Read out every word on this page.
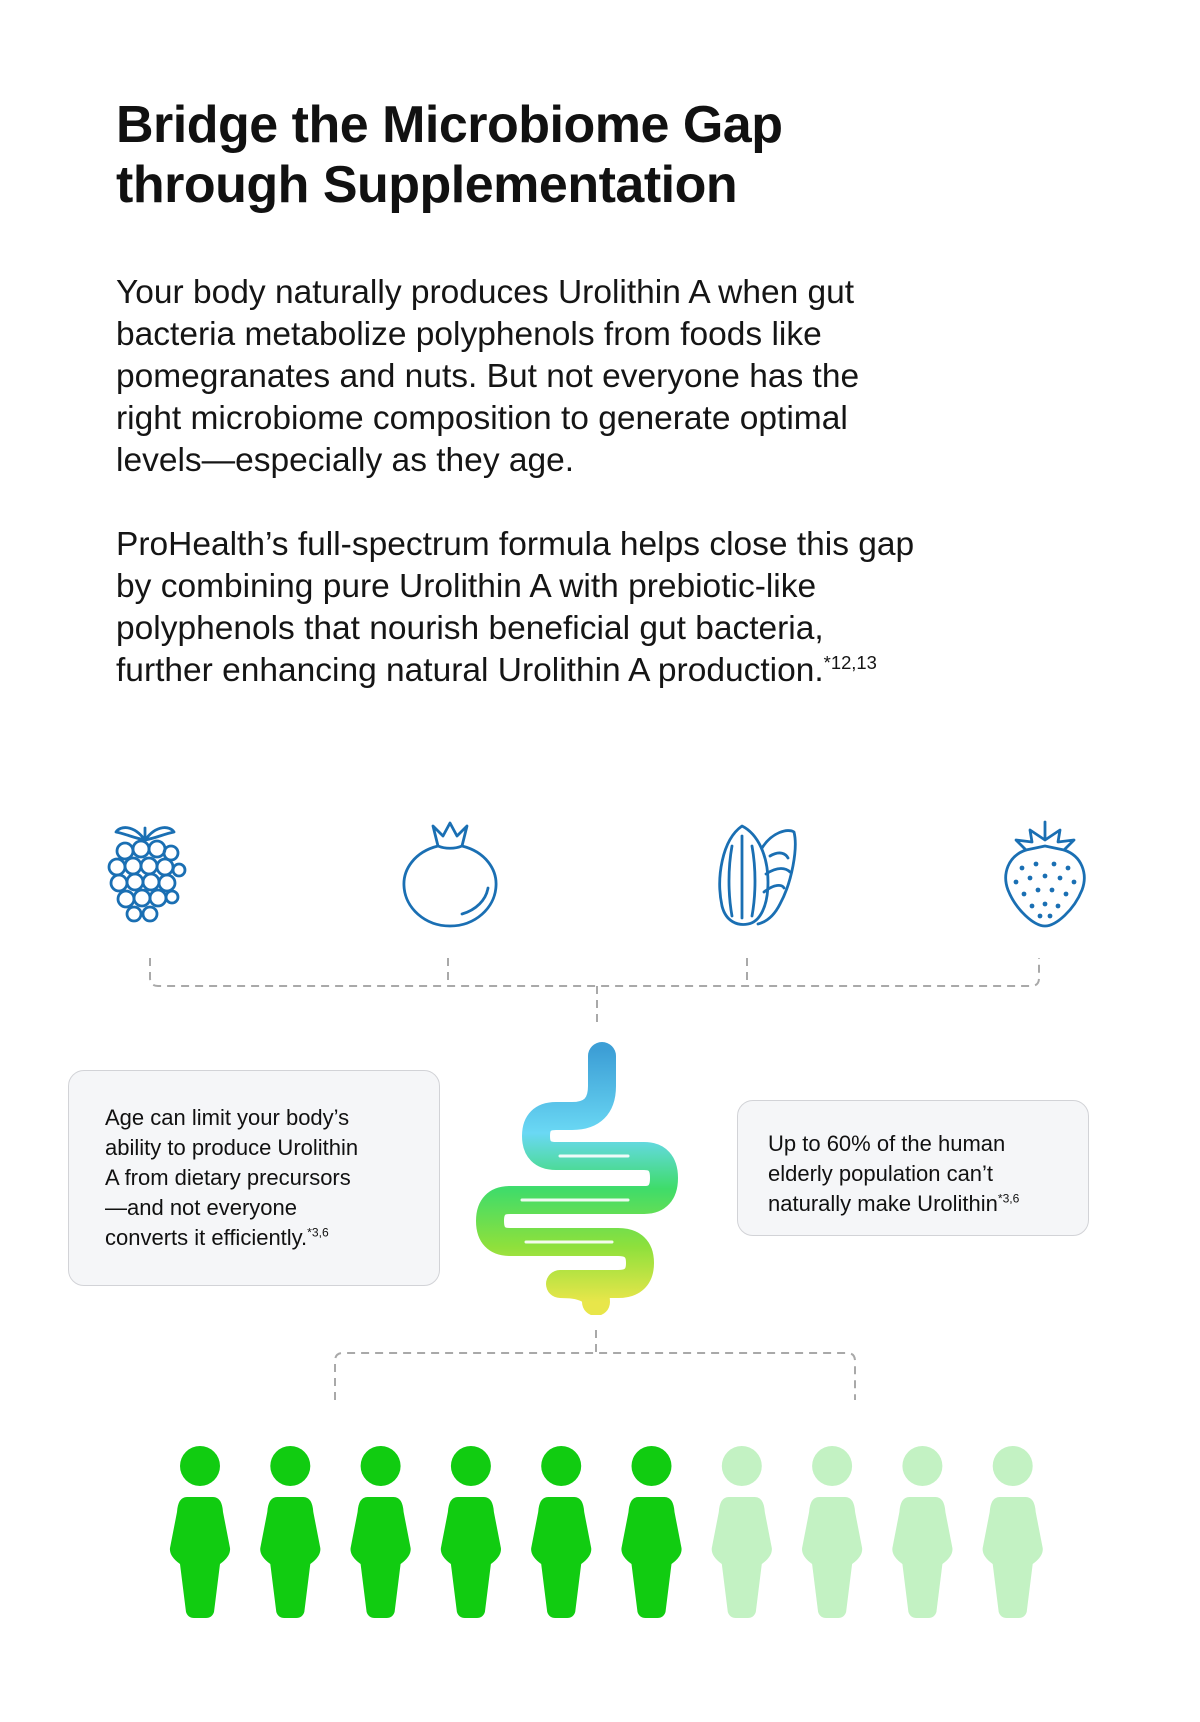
Bridge the Microbiome Gap
through Supplementation

Your body naturally produces Urolithin A when gut
bacteria metabolize polyphenols from foods like
pomegranates and nuts. But not everyone has the
right microbiome composition to generate optimal
levels—especially as they age.

ProHealth’s full-spectrum formula helps close this gap
by combining pure Urolithin A with prebiotic-like
polyphenols that nourish beneficial gut bacteria,
further enhancing natural Urolithin A production.$^{*12,13}$

Age can limit your body’s
ability to produce Urolithin
A from dietary precursors
—and not everyone
converts it efficiently.$^{*3,6}$
Up to 60% of the human
elderly population can’t
naturally make Urolithin$^{*3,6}$
